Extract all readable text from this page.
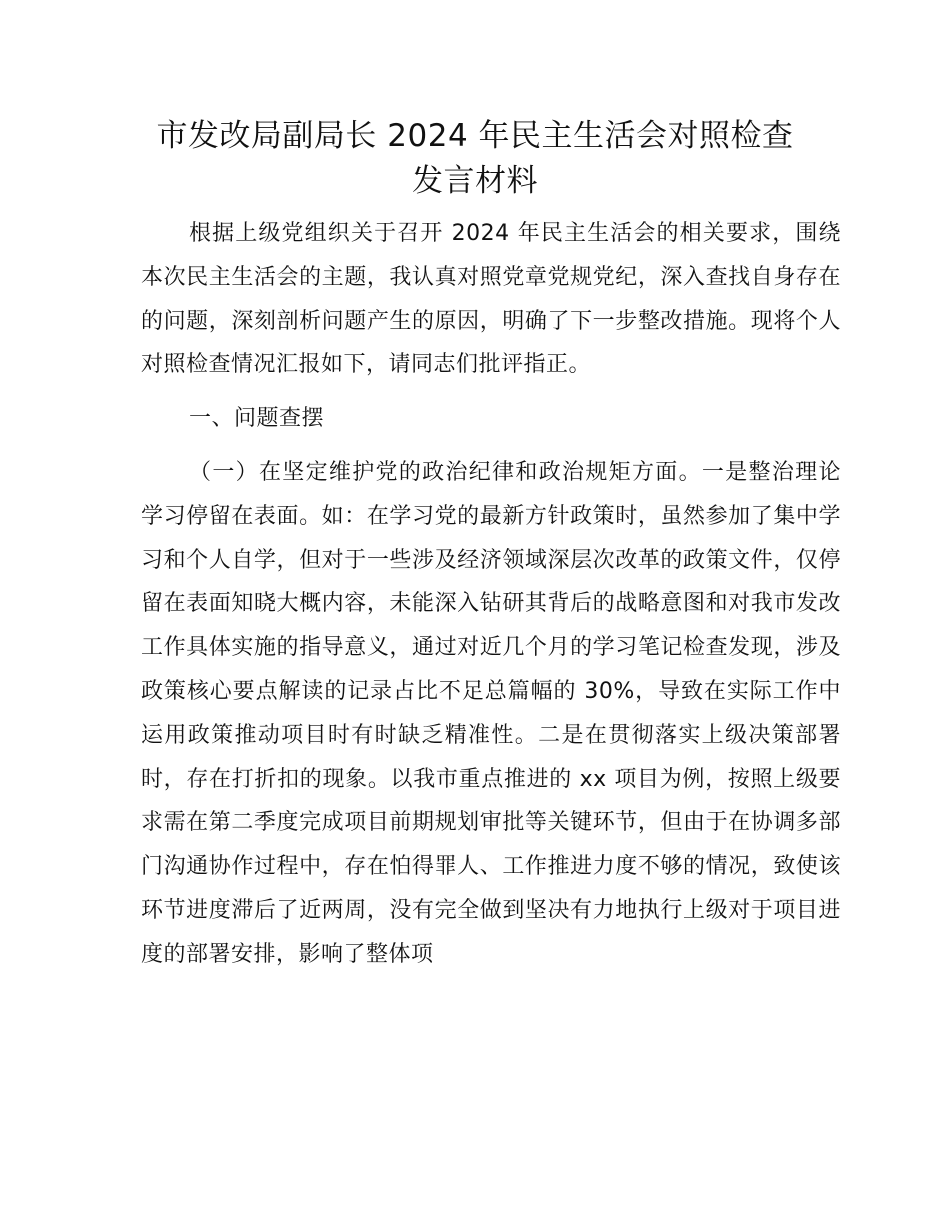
市发改局副局长 2024 年民主生活会对照检查
发言材料

根据上级党组织关于召开 2024 年民主生活会的相关要求，围绕本次民主生活会的主题，我认真对照党章党规党纪，深入查找自身存在的问题，深刻剖析问题产生的原因，明确了下一步整改措施。现将个人对照检查情况汇报如下，请同志们批评指正。

一、问题查摆

（一）在坚定维护党的政治纪律和政治规矩方面。一是整治理论学习停留在表面。如：在学习党的最新方针政策时，虽然参加了集中学习和个人自学，但对于一些涉及经济领域深层次改革的政策文件，仅停留在表面知晓大概内容，未能深入钻研其背后的战略意图和对我市发改工作具体实施的指导意义，通过对近几个月的学习笔记检查发现，涉及政策核心要点解读的记录占比不足总篇幅的 30%，导致在实际工作中运用政策推动项目时有时缺乏精准性。二是在贯彻落实上级决策部署时，存在打折扣的现象。以我市重点推进的 xx 项目为例，按照上级要求需在第二季度完成项目前期规划审批等关键环节，但由于在协调多部门沟通协作过程中，存在怕得罪人、工作推进力度不够的情况，致使该环节进度滞后了近两周，没有完全做到坚决有力地执行上级对于项目进度的部署安排，影响了整体项
